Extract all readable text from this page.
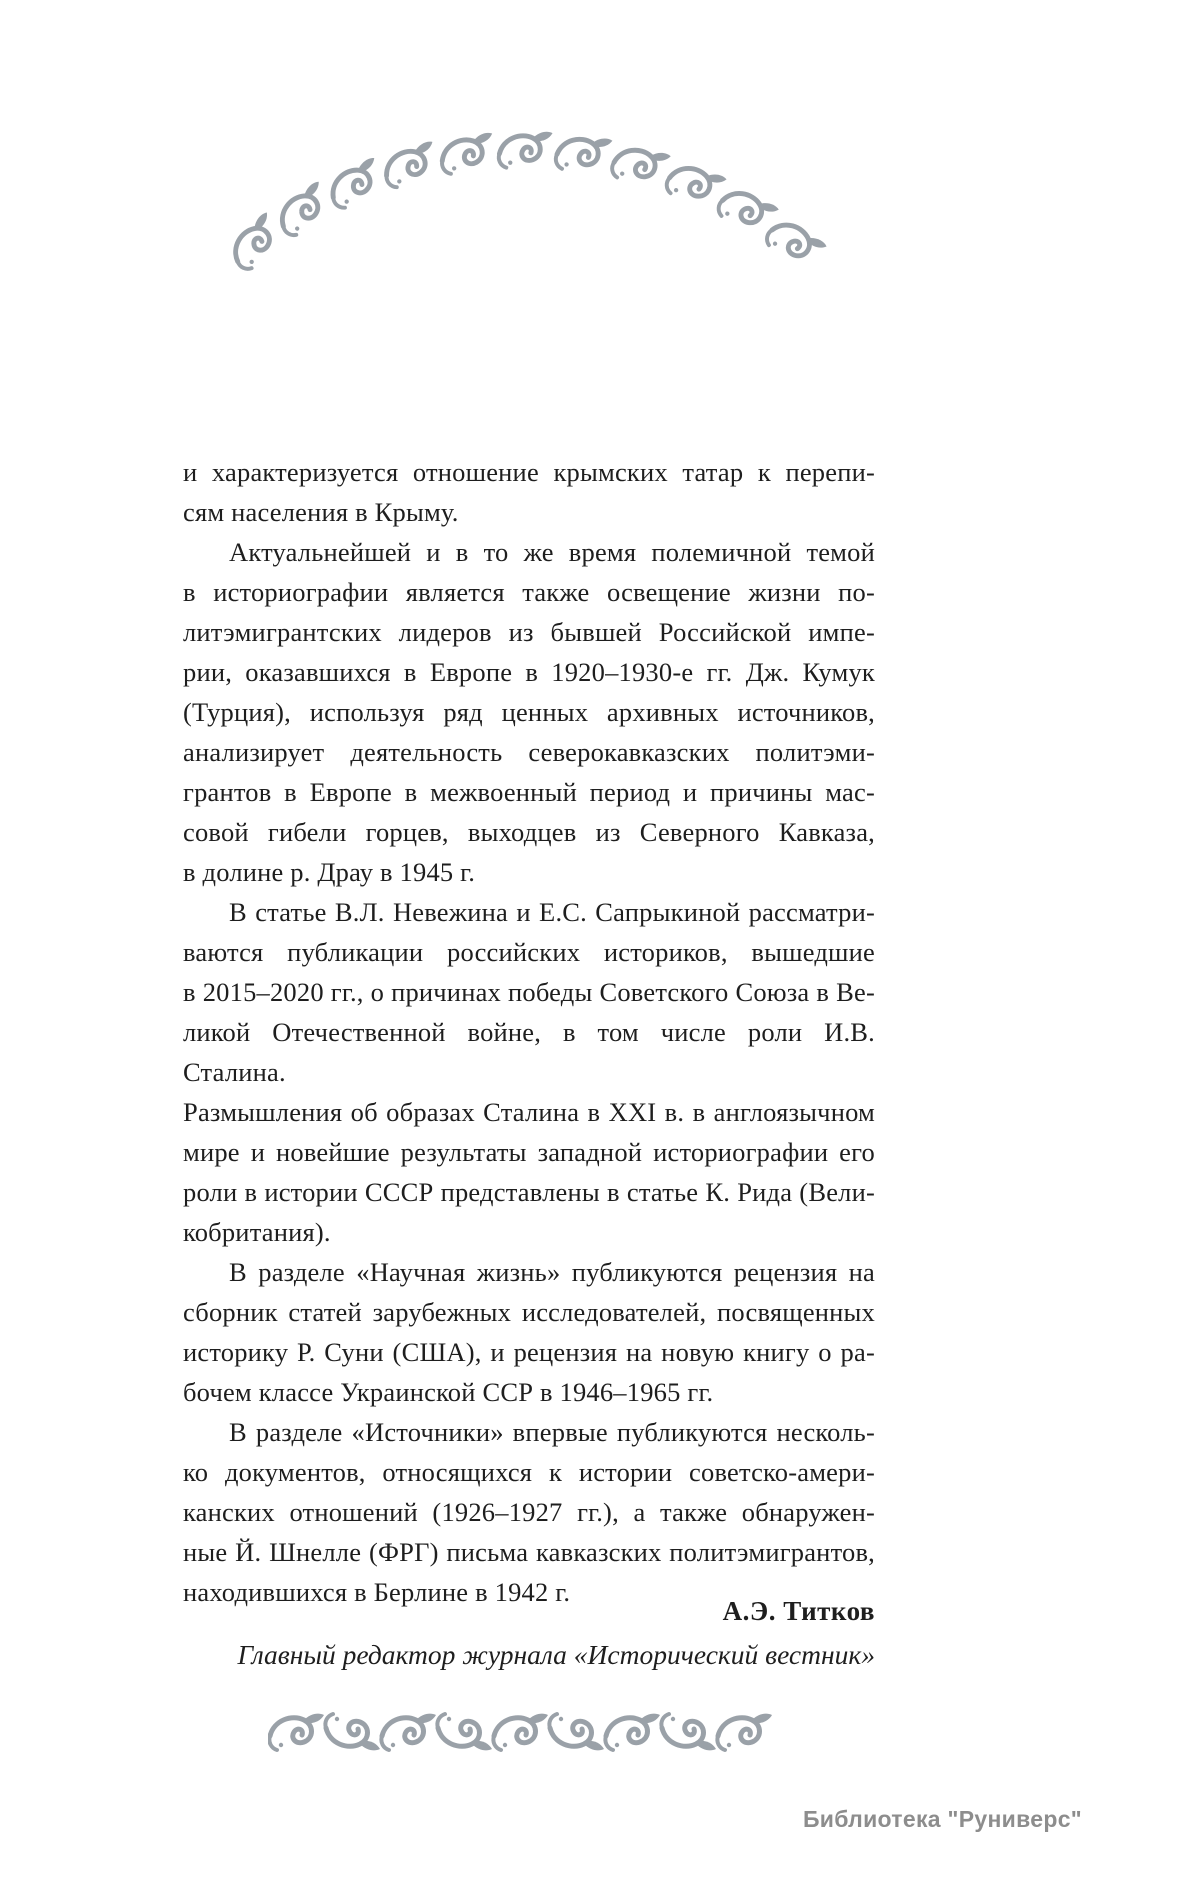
и характеризуется отношение крымских татар к перепи-
сям населения в Крыму.
Актуальнейшей и в то же время полемичной темой
в историографии является также освещение жизни по-
литэмигрантских лидеров из бывшей Российской импе-
рии, оказавшихся в Европе в 1920–1930-е гг. Дж. Кумук
(Турция), используя ряд ценных архивных источников,
анализирует деятельность северокавказских политэми-
грантов в Европе в межвоенный период и причины мас-
совой гибели горцев, выходцев из Северного Кавказа,
в долине р. Драу в 1945 г.
В статье В.Л. Невежина и Е.С. Сапрыкиной рассматри-
ваются публикации российских историков, вышедшие
в 2015–2020 гг., о причинах победы Советского Союза в Ве-
ликой Отечественной войне, в том числе роли И.В. Сталина.
Размышления об образах Сталина в XXI в. в англоязычном
мире и новейшие результаты западной историографии его
роли в истории СССР представлены в статье К. Рида (Вели-
кобритания).
В разделе «Научная жизнь» публикуются рецензия на
сборник статей зарубежных исследователей, посвященных
историку Р. Суни (США), и рецензия на новую книгу о ра-
бочем классе Украинской ССР в 1946–1965 гг.
В разделе «Источники» впервые публикуются несколь-
ко документов, относящихся к истории советско-амери-
канских отношений (1926–1927 гг.), а также обнаружен-
ные Й. Шнелле (ФРГ) письма кавказских политэмигрантов,
находившихся в Берлине в 1942 г.
А.Э. Титков
Главный редактор журнала «Исторический вестник»
Библиотека "Руниверс"
